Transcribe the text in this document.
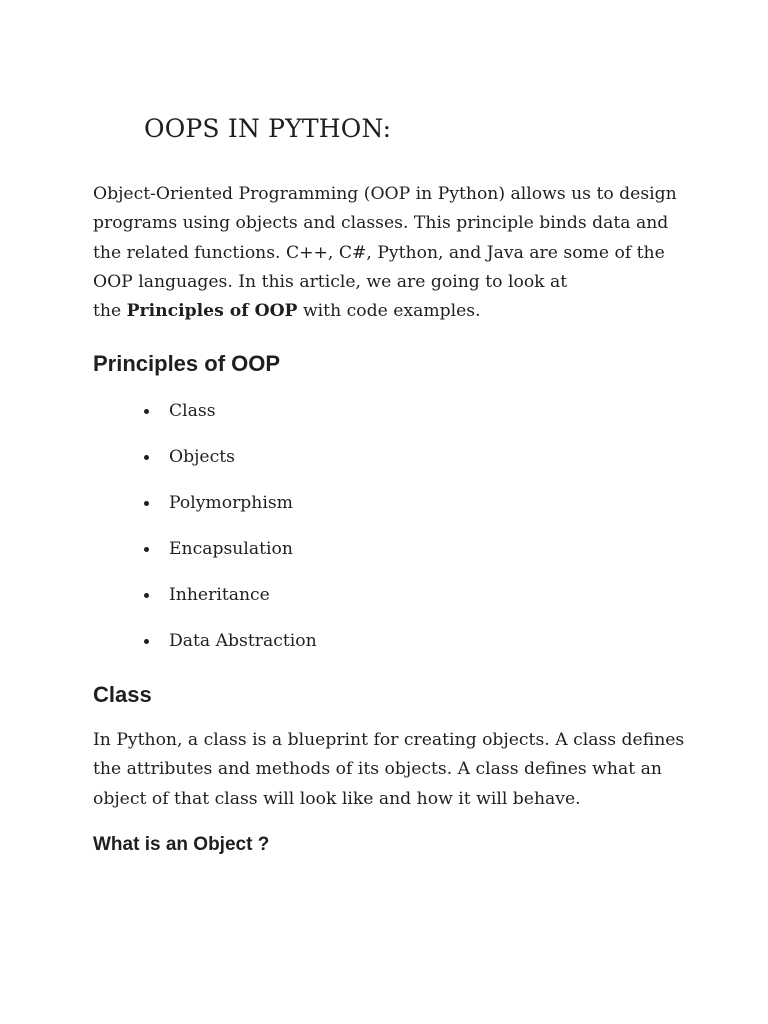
OOPS IN PYTHON:

Object-Oriented Programming (OOP in Python) allows us to design
programs using objects and classes. This principle binds data and
the related functions. C++, C#, Python, and Java are some of the
OOP languages. In this article, we are going to look at
the Principles of OOP with code examples.

Principles of OOP
Class
Objects
Polymorphism
Encapsulation
Inheritance
Data Abstraction
Class

In Python, a class is a blueprint for creating objects. A class defines
the attributes and methods of its objects. A class defines what an
object of that class will look like and how it will behave.

What is an Object ?
